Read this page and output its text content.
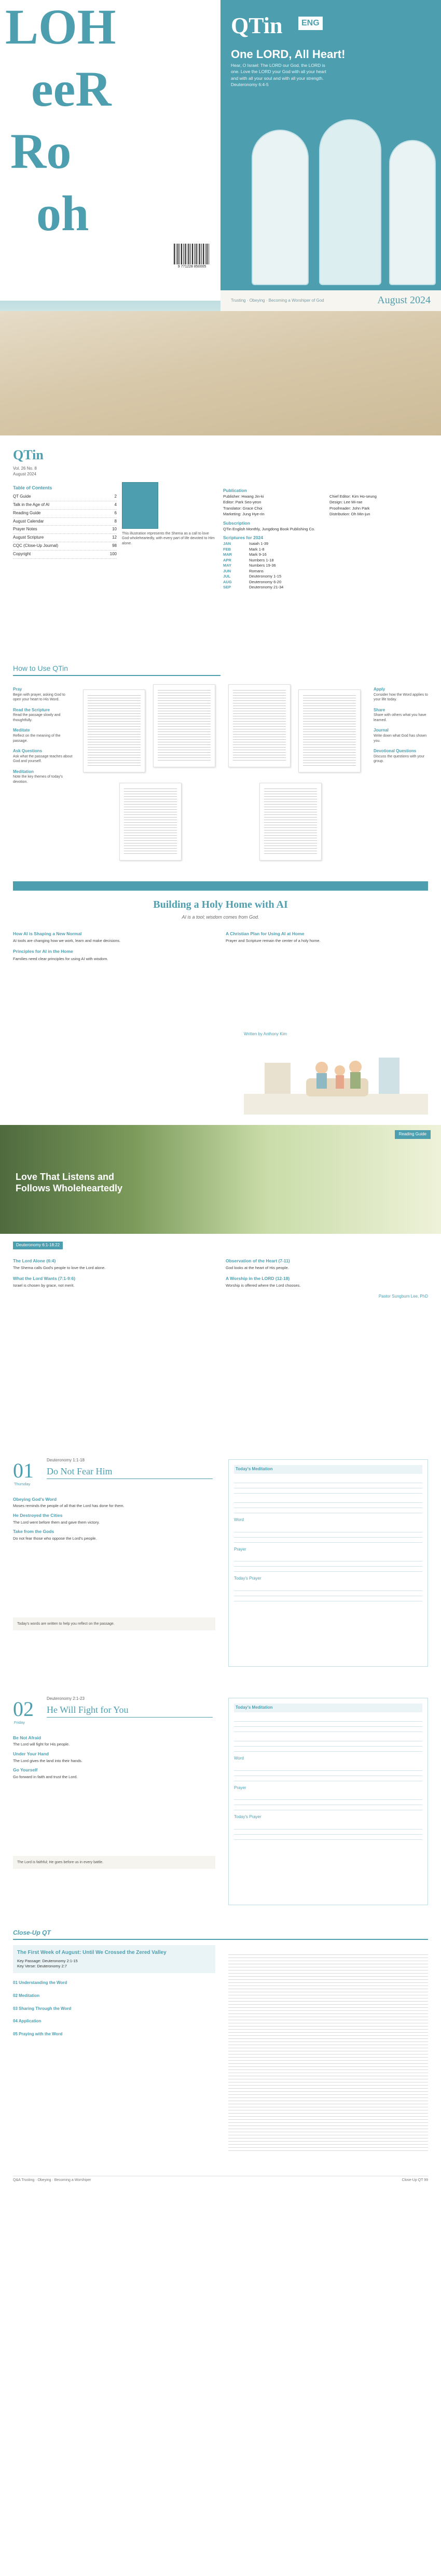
LOH
eeR
Ro
oh
9 771228 850005
QTin	ENG
One LORD, All Heart!
Hear, O Israel: The LORD our God, the LORD is one. Love the LORD your God with all your heart and with all your soul and with all your strength.
Deuteronomy 6:4-5
August 2024
Trusting · Obeying · Becoming a Worshiper of God
QTin
Vol. 26 No. 8
August 2024
Table of Contents
QT Guide	2
Talk in the Age of AI	4
Reading Guide	6
August Calendar	8
Prayer Notes	10
August Scripture	12
CQC (Close-Up Journal)	98
Copyright	100
This illustration represents the Shema as a call to love God wholeheartedly, with every part of life devoted to Him alone.
Publication
Publisher: Hwang Jin-ki	Chief Editor: Kim Ho-seung
Editor: Park Seo-yeon	Design: Lee Mi-rae
Translator: Grace Choi	Proofreader: John Park
Marketing: Jung Hye-rin	Distribution: Oh Min-jun
Subscription
QTin English Monthly, Jungdong Book Publishing Co.
Scriptures for 2024
JAN	Isaiah 1-39
FEB	Mark 1-8
MAR	Mark 9-16
APR	Numbers 1-18
MAY	Numbers 19-36
JUN	Romans
JUL	Deuteronomy 1-15
AUG	Deuteronomy 6-20
SEP	Deuteronomy 21-34
How to Use QTin
Pray

Begin with prayer, asking God to open your heart to His Word.

Read the Scripture

Read the passage slowly and thoughtfully.

Meditate

Reflect on the meaning of the passage.

Ask Questions

Ask what the passage teaches about God and yourself.

Meditation

Note the key themes of today's devotion.

Apply

Consider how the Word applies to your life today.

Share

Share with others what you have learned.

Journal

Write down what God has shown you.

Devotional Questions

Discuss the questions with your group.

Building a Holy Home with AI
AI is a tool; wisdom comes from God.
How AI is Shaping a New Normal

AI tools are changing how we work, learn and make decisions.

Principles for AI in the Home

Families need clear principles for using AI with wisdom.

A Christian Plan for Using AI at Home

Prayer and Scripture remain the center of a holy home.

Written by Anthony Kim
Reading Guide
Love That Listens and
Follows Wholeheartedly
Deuteronomy 6:1-18:22
The Lord Alone (6:4)

The Shema calls God's people to love the Lord alone.

What the Lord Wants (7:1-9:6)

Israel is chosen by grace, not merit.

Observation of the Heart (7-11)

God looks at the heart of His people.

A Worship in the LORD (12-18)

Worship is offered where the Lord chooses.

Pastor Sungbum Lee, PhD
01
Thursday
Deuteronomy 1:1-18
Do Not Fear Him
Obeying God's Word

Moses reminds the people of all that the Lord has done for them.

He Destroyed the Cities

The Lord went before them and gave them victory.

Take from the Gods

Do not fear those who oppose the Lord's people.

Today's words are written to help you reflect on the passage.
Today's Meditation
Word
Prayer
Today's Prayer
02
Friday
Deuteronomy 2:1-23
He Will Fight for You
Be Not Afraid

The Lord will fight for His people.

Under Your Hand

The Lord gives the land into their hands.

Go Yourself

Go forward in faith and trust the Lord.

The Lord is faithful; He goes before us in every battle.
Today's Meditation
Word
Prayer
Today's Prayer
Close-Up QT
The First Week of August: Until We Crossed the Zered Valley
Key Passage: Deuteronomy 2:1-15
Key Verse: Deuteronomy 2:7
01 Understanding the Word
02 Meditation
03 Sharing Through the Word
04 Application
05 Praying with the Word
Q&A Trusting · Obeying · Becoming a Worshiper	Close-Up QT 99
